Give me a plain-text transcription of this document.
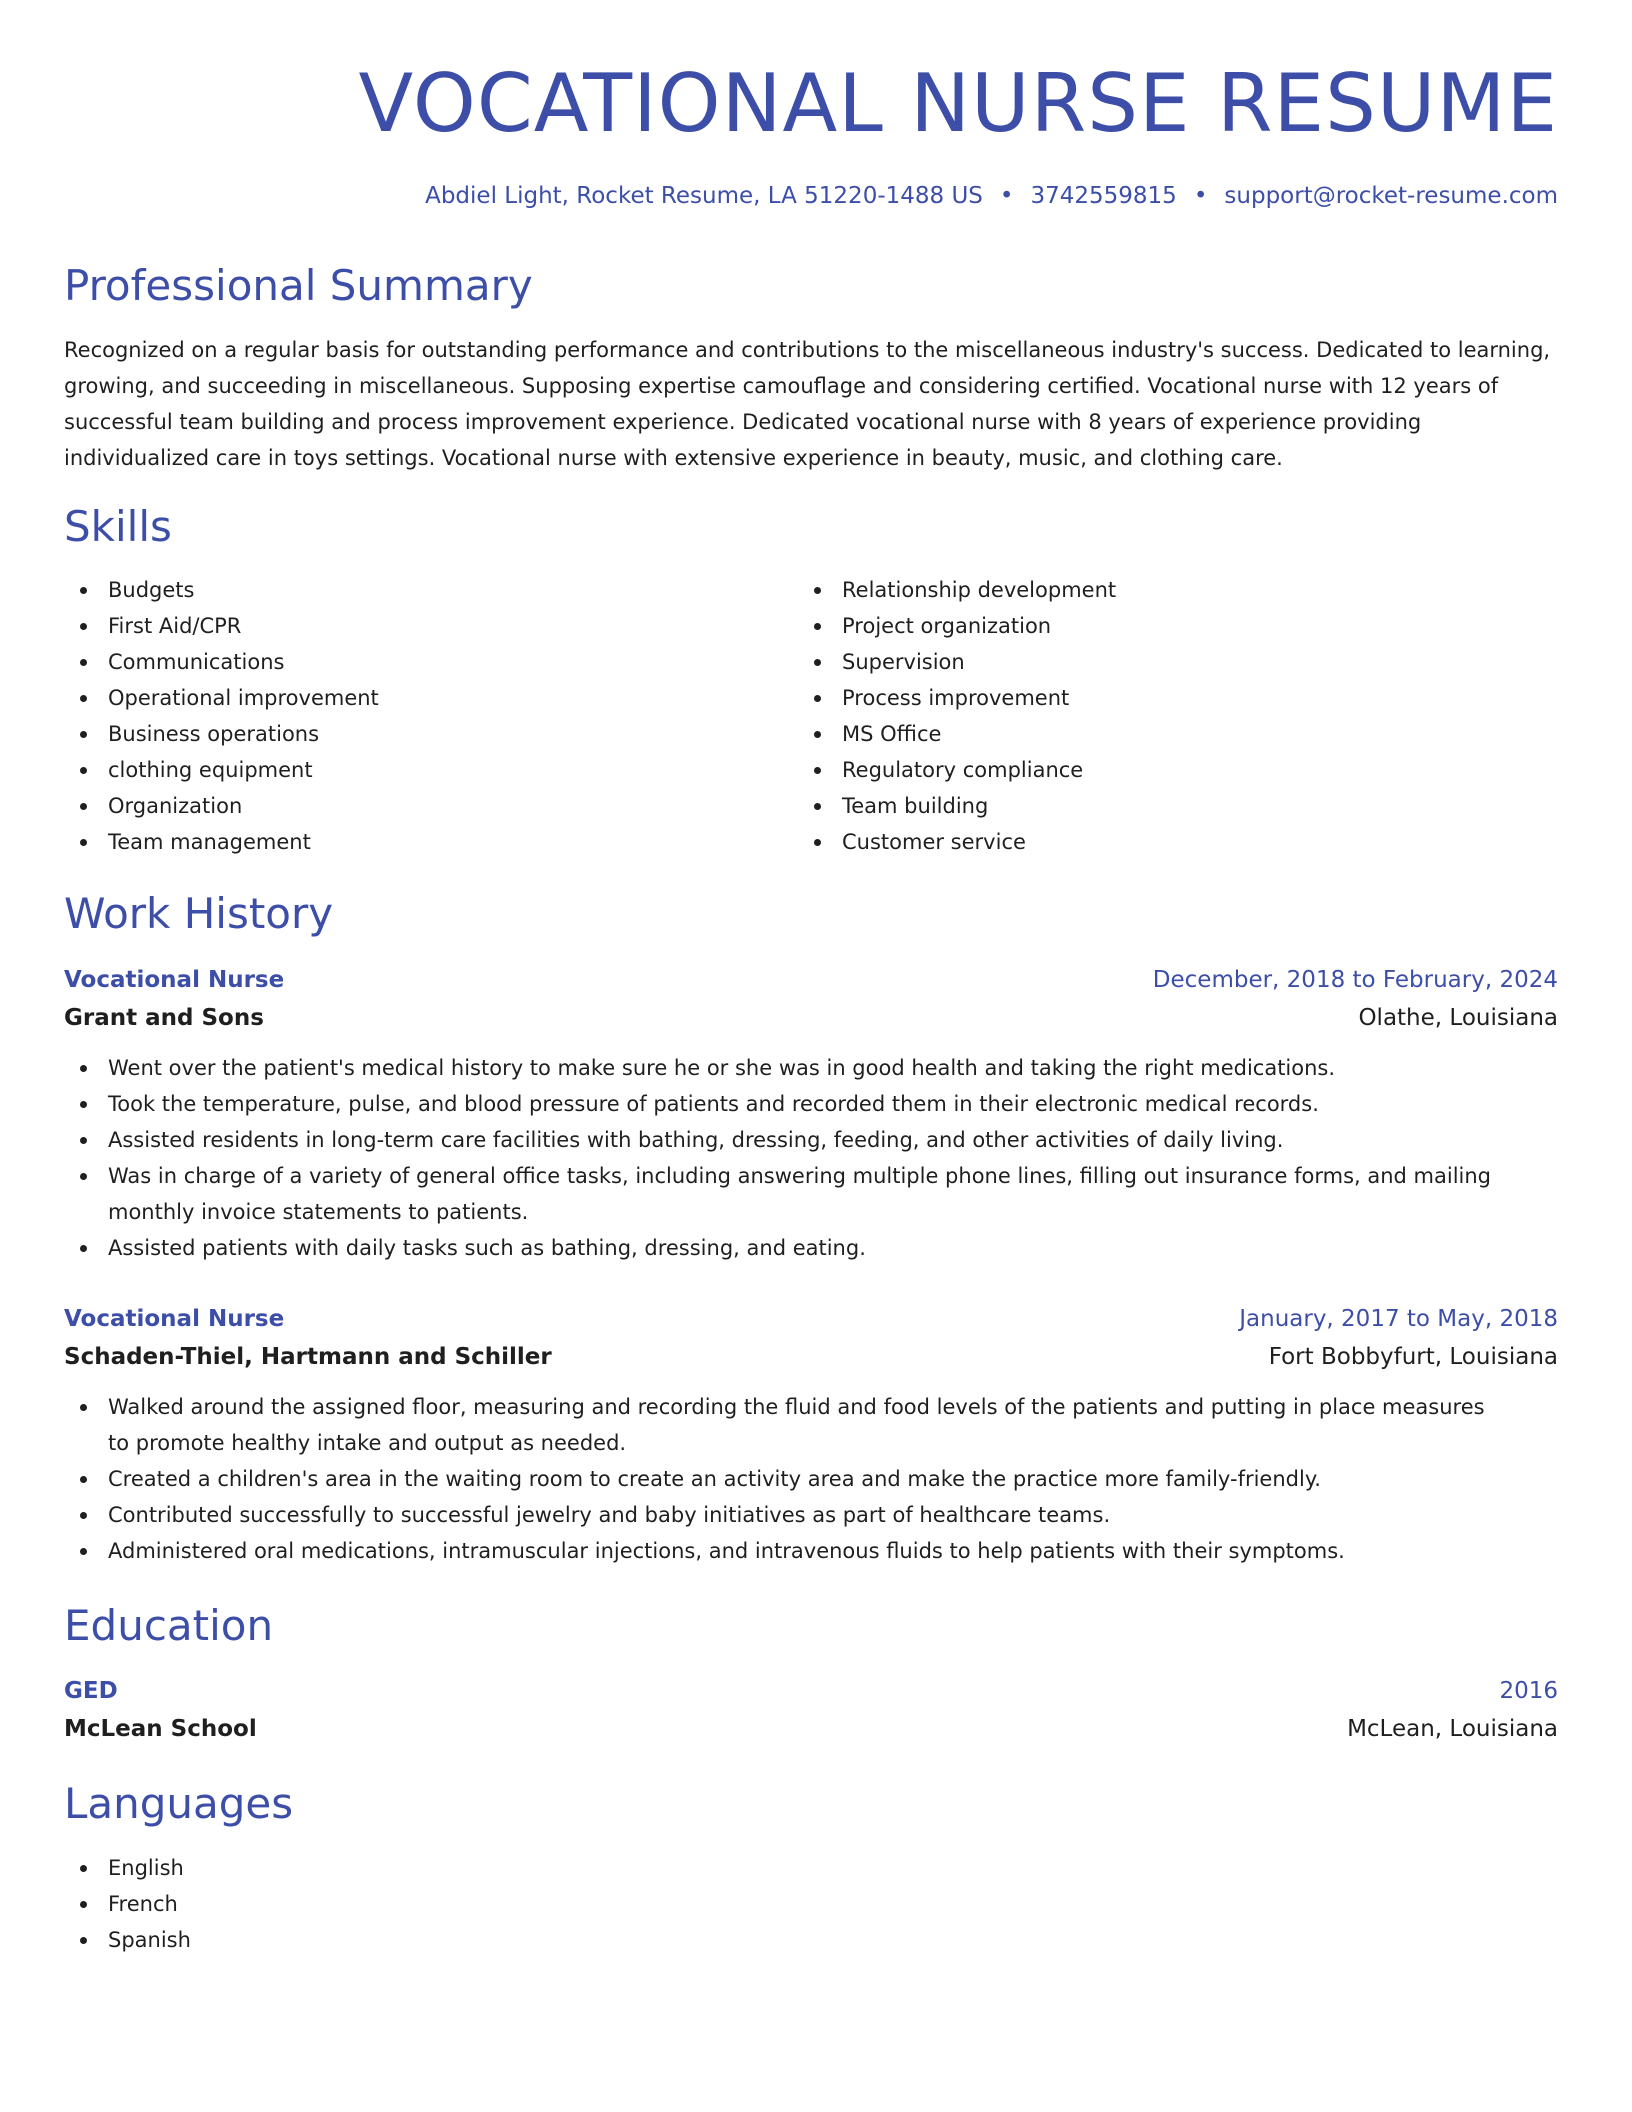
VOCATIONAL NURSE RESUME
Abdiel Light, Rocket Resume, LA 51220-1488 US • 3742559815 • support@rocket-resume.com
Professional Summary
Recognized on a regular basis for outstanding performance and contributions to the miscellaneous industry's success. Dedicated to learning, growing, and succeeding in miscellaneous. Supposing expertise camouflage and considering certified. Vocational nurse with 12 years of successful team building and process improvement experience. Dedicated vocational nurse with 8 years of experience providing individualized care in toys settings. Vocational nurse with extensive experience in beauty, music, and clothing care.
Skills
Budgets
First Aid/CPR
Communications
Operational improvement
Business operations
clothing equipment
Organization
Team management
Relationship development
Project organization
Supervision
Process improvement
MS Office
Regulatory compliance
Team building
Customer service
Work History
Vocational Nurse	December, 2018 to February, 2024
Grant and Sons	Olathe, Louisiana
Went over the patient's medical history to make sure he or she was in good health and taking the right medications.
Took the temperature, pulse, and blood pressure of patients and recorded them in their electronic medical records.
Assisted residents in long-term care facilities with bathing, dressing, feeding, and other activities of daily living.
Was in charge of a variety of general office tasks, including answering multiple phone lines, filling out insurance forms, and mailing monthly invoice statements to patients.
Assisted patients with daily tasks such as bathing, dressing, and eating.
Vocational Nurse	January, 2017 to May, 2018
Schaden-Thiel, Hartmann and Schiller	Fort Bobbyfurt, Louisiana
Walked around the assigned floor, measuring and recording the fluid and food levels of the patients and putting in place measures to promote healthy intake and output as needed.
Created a children's area in the waiting room to create an activity area and make the practice more family-friendly.
Contributed successfully to successful jewelry and baby initiatives as part of healthcare teams.
Administered oral medications, intramuscular injections, and intravenous fluids to help patients with their symptoms.
Education
GED	2016
McLean School	McLean, Louisiana
Languages
English
French
Spanish
